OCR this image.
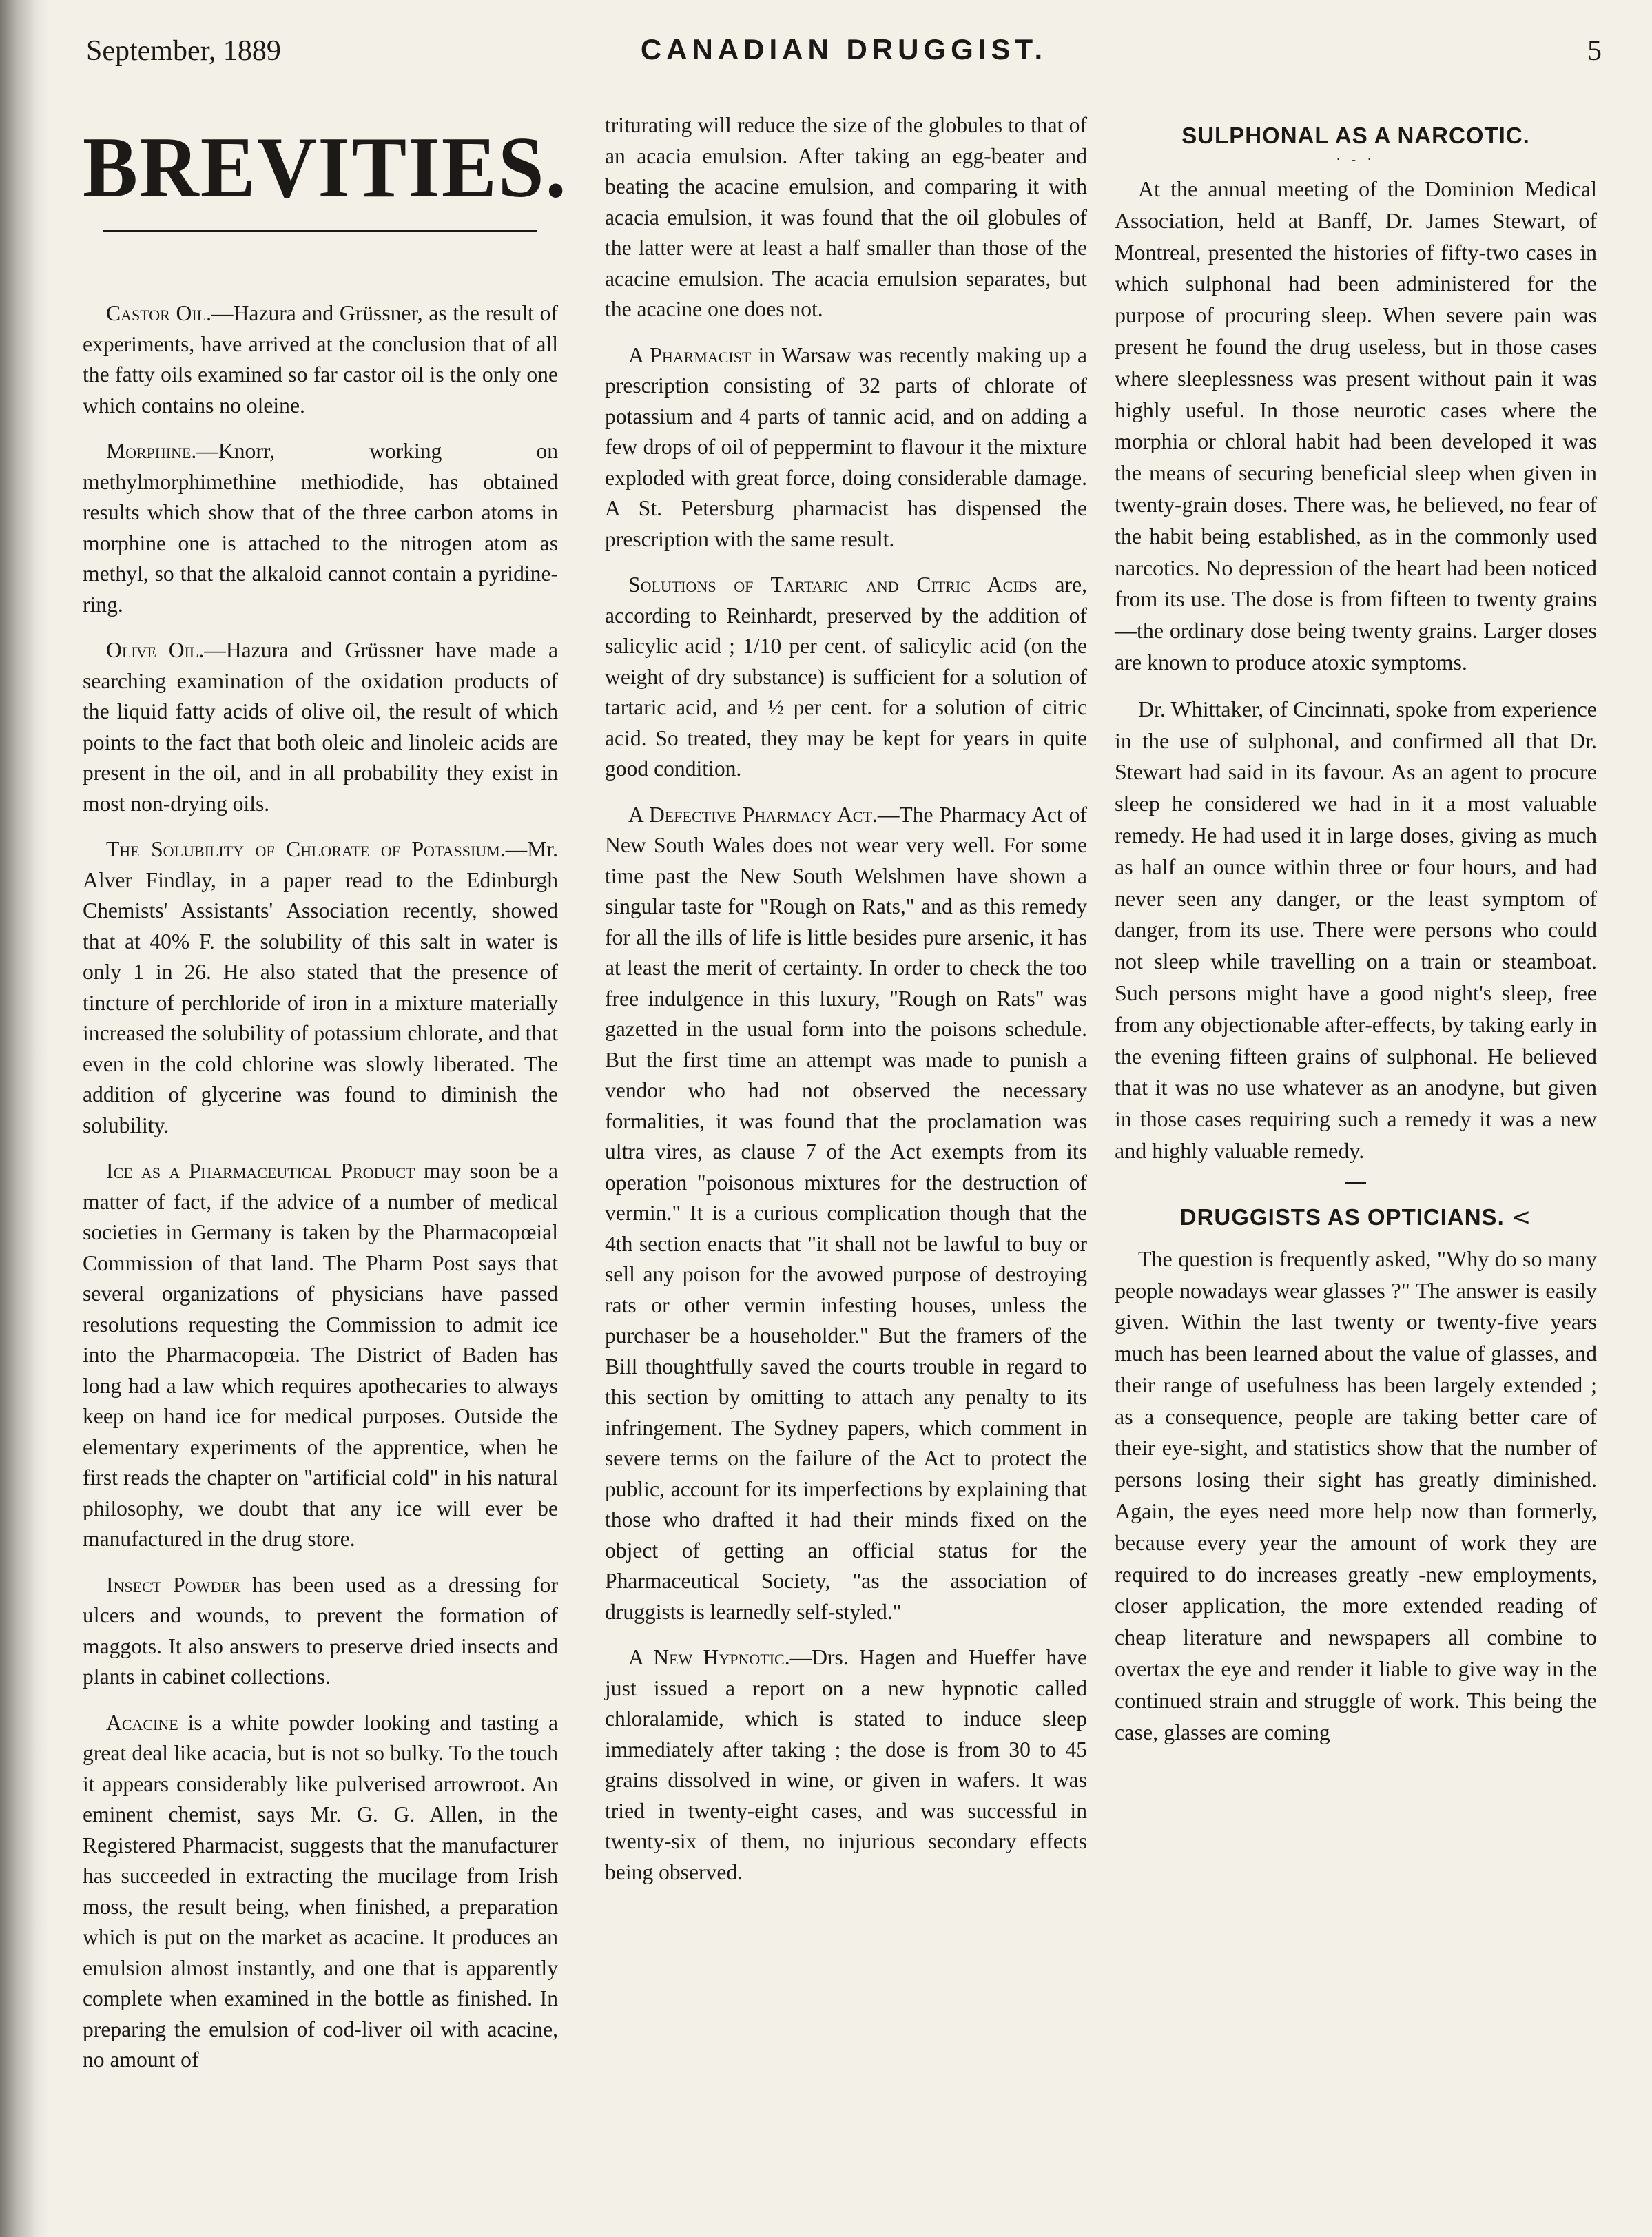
September, 1889	CANADIAN DRUGGIST.	5
BREVITIES.

Castor Oil.—Hazura and Grüssner, as the result of experiments, have arrived at the conclusion that of all the fatty oils examined so far castor oil is the only one which contains no oleine.

Morphine.—Knorr, working on methylmorphimethine methiodide, has obtained results which show that of the three carbon atoms in morphine one is attached to the nitrogen atom as methyl, so that the alkaloid cannot contain a pyridine-ring.

Olive Oil.—Hazura and Grüssner have made a searching examination of the oxidation products of the liquid fatty acids of olive oil, the result of which points to the fact that both oleic and linoleic acids are present in the oil, and in all probability they exist in most non-drying oils.

The Solubility of Chlorate of Potassium.—Mr. Alver Findlay, in a paper read to the Edinburgh Chemists' Assistants' Association recently, showed that at 40% F. the solubility of this salt in water is only 1 in 26. He also stated that the presence of tincture of perchloride of iron in a mixture materially increased the solubility of potassium chlorate, and that even in the cold chlorine was slowly liberated. The addition of glycerine was found to diminish the solubility.

Ice as a Pharmaceutical Product may soon be a matter of fact, if the advice of a number of medical societies in Germany is taken by the Pharmacopœial Commission of that land. The Pharm Post says that several organizations of physicians have passed resolutions requesting the Commission to admit ice into the Pharmacopœia. The District of Baden has long had a law which requires apothecaries to always keep on hand ice for medical purposes. Outside the elementary experiments of the apprentice, when he first reads the chapter on "artificial cold" in his natural philosophy, we doubt that any ice will ever be manufactured in the drug store.

Insect Powder has been used as a dressing for ulcers and wounds, to prevent the formation of maggots. It also answers to preserve dried insects and plants in cabinet collections.

Acacine is a white powder looking and tasting a great deal like acacia, but is not so bulky. To the touch it appears considerably like pulverised arrowroot. An eminent chemist, says Mr. G. G. Allen, in the Registered Pharmacist, suggests that the manufacturer has succeeded in extracting the mucilage from Irish moss, the result being, when finished, a preparation which is put on the market as acacine. It produces an emulsion almost instantly, and one that is apparently complete when examined in the bottle as finished. In preparing the emulsion of cod-liver oil with acacine, no amount of

triturating will reduce the size of the globules to that of an acacia emulsion. After taking an egg-beater and beating the acacine emulsion, and comparing it with acacia emulsion, it was found that the oil globules of the latter were at least a half smaller than those of the acacine emulsion. The acacia emulsion separates, but the acacine one does not.

A Pharmacist in Warsaw was recently making up a prescription consisting of 32 parts of chlorate of potassium and 4 parts of tannic acid, and on adding a few drops of oil of peppermint to flavour it the mixture exploded with great force, doing considerable damage. A St. Petersburg pharmacist has dispensed the prescription with the same result.

Solutions of Tartaric and Citric Acids are, according to Reinhardt, preserved by the addition of salicylic acid ; 1/10 per cent. of salicylic acid (on the weight of dry substance) is sufficient for a solution of tartaric acid, and ½ per cent. for a solution of citric acid. So treated, they may be kept for years in quite good condition.

A Defective Pharmacy Act.—The Pharmacy Act of New South Wales does not wear very well. For some time past the New South Welshmen have shown a singular taste for "Rough on Rats," and as this remedy for all the ills of life is little besides pure arsenic, it has at least the merit of certainty. In order to check the too free indulgence in this luxury, "Rough on Rats" was gazetted in the usual form into the poisons schedule. But the first time an attempt was made to punish a vendor who had not observed the necessary formalities, it was found that the proclamation was ultra vires, as clause 7 of the Act exempts from its operation "poisonous mixtures for the destruction of vermin." It is a curious complication though that the 4th section enacts that "it shall not be lawful to buy or sell any poison for the avowed purpose of destroying rats or other vermin infesting houses, unless the purchaser be a householder." But the framers of the Bill thoughtfully saved the courts trouble in regard to this section by omitting to attach any penalty to its infringement. The Sydney papers, which comment in severe terms on the failure of the Act to protect the public, account for its imperfections by explaining that those who drafted it had their minds fixed on the object of getting an official status for the Pharmaceutical Society, "as the association of druggists is learnedly self-styled."

A New Hypnotic.—Drs. Hagen and Hueffer have just issued a report on a new hypnotic called chloralamide, which is stated to induce sleep immediately after taking ; the dose is from 30 to 45 grains dissolved in wine, or given in wafers. It was tried in twenty-eight cases, and was successful in twenty-six of them, no injurious secondary effects being observed.

SULPHONAL AS A NARCOTIC.
· - ·

At the annual meeting of the Dominion Medical Association, held at Banff, Dr. James Stewart, of Montreal, presented the histories of fifty-two cases in which sulphonal had been administered for the purpose of procuring sleep. When severe pain was present he found the drug useless, but in those cases where sleeplessness was present without pain it was highly useful. In those neurotic cases where the morphia or chloral habit had been developed it was the means of securing beneficial sleep when given in twenty-grain doses. There was, he believed, no fear of the habit being established, as in the commonly used narcotics. No depression of the heart had been noticed from its use. The dose is from fifteen to twenty grains—the ordinary dose being twenty grains. Larger doses are known to produce atoxic symptoms.

Dr. Whittaker, of Cincinnati, spoke from experience in the use of sulphonal, and confirmed all that Dr. Stewart had said in its favour. As an agent to procure sleep he considered we had in it a most valuable remedy. He had used it in large doses, giving as much as half an ounce within three or four hours, and had never seen any danger, or the least symptom of danger, from its use. There were persons who could not sleep while travelling on a train or steamboat. Such persons might have a good night's sleep, free from any objectionable after-effects, by taking early in the evening fifteen grains of sulphonal. He believed that it was no use whatever as an anodyne, but given in those cases requiring such a remedy it was a new and highly valuable remedy.

DRUGGISTS AS OPTICIANS. <

The question is frequently asked, "Why do so many people nowadays wear glasses ?" The answer is easily given. Within the last twenty or twenty-five years much has been learned about the value of glasses, and their range of usefulness has been largely extended ; as a consequence, people are taking better care of their eye-sight, and statistics show that the number of persons losing their sight has greatly diminished. Again, the eyes need more help now than formerly, because every year the amount of work they are required to do increases greatly -new employments, closer application, the more extended reading of cheap literature and newspapers all combine to overtax the eye and render it liable to give way in the continued strain and struggle of work. This being the case, glasses are coming
